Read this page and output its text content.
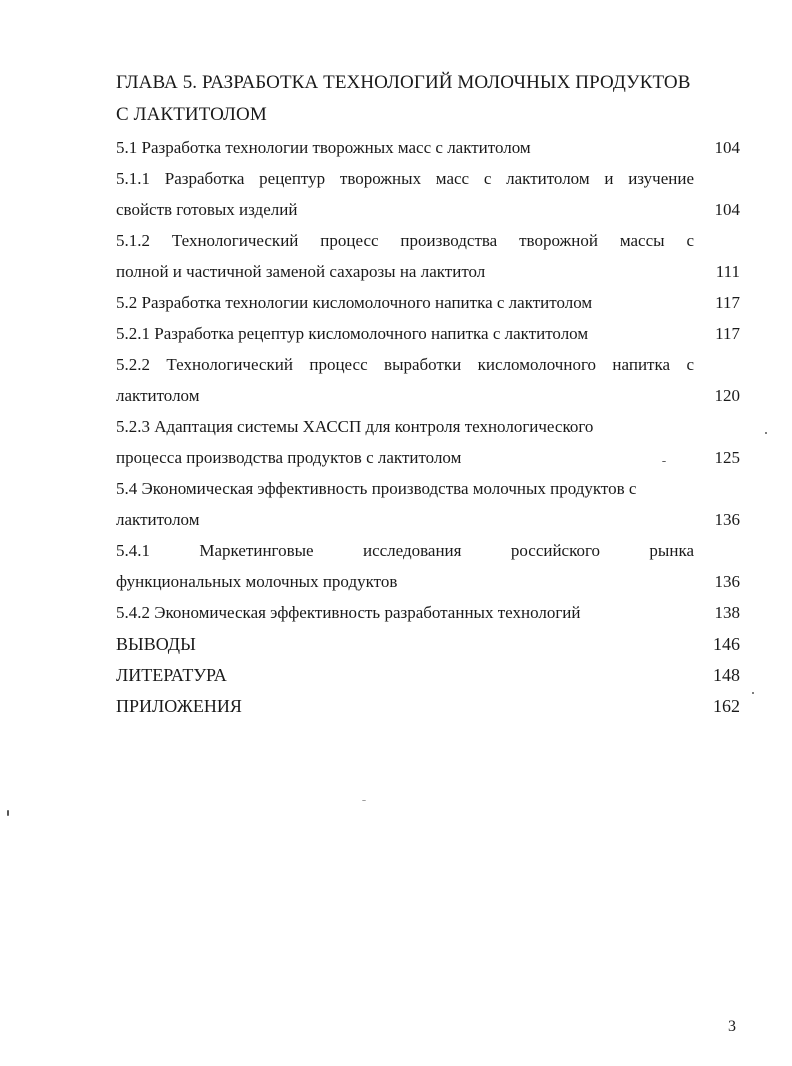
ГЛАВА 5. РАЗРАБОТКА ТЕХНОЛОГИЙ МОЛОЧНЫХ ПРОДУКТОВ
С ЛАКТИТОЛОМ
5.1 Разработка технологии творожных масс с лактитолом	104
5.1.1 Разработка рецептур творожных масс с лактитолом и изучение
свойств готовых изделий	104
5.1.2 Технологический процесс производства творожной массы с
полной и частичной заменой сахарозы на лактитол	111
5.2 Разработка технологии кисломолочного напитка с лактитолом	117
5.2.1 Разработка рецептур кисломолочного напитка с лактитолом	117
5.2.2 Технологический процесс выработки кисломолочного напитка с
лактитолом	120
5.2.3 Адаптация системы ХАССП для контроля технологического
процесса производства продуктов с лактитолом	125
5.4 Экономическая эффективность производства молочных продуктов с
лактитолом	136
5.4.1 Маркетинговые исследования российского рынка
функциональных молочных продуктов	136
5.4.2 Экономическая эффективность разработанных технологий	138
ВЫВОДЫ	146
ЛИТЕРАТУРА	148
ПРИЛОЖЕНИЯ	162
3
